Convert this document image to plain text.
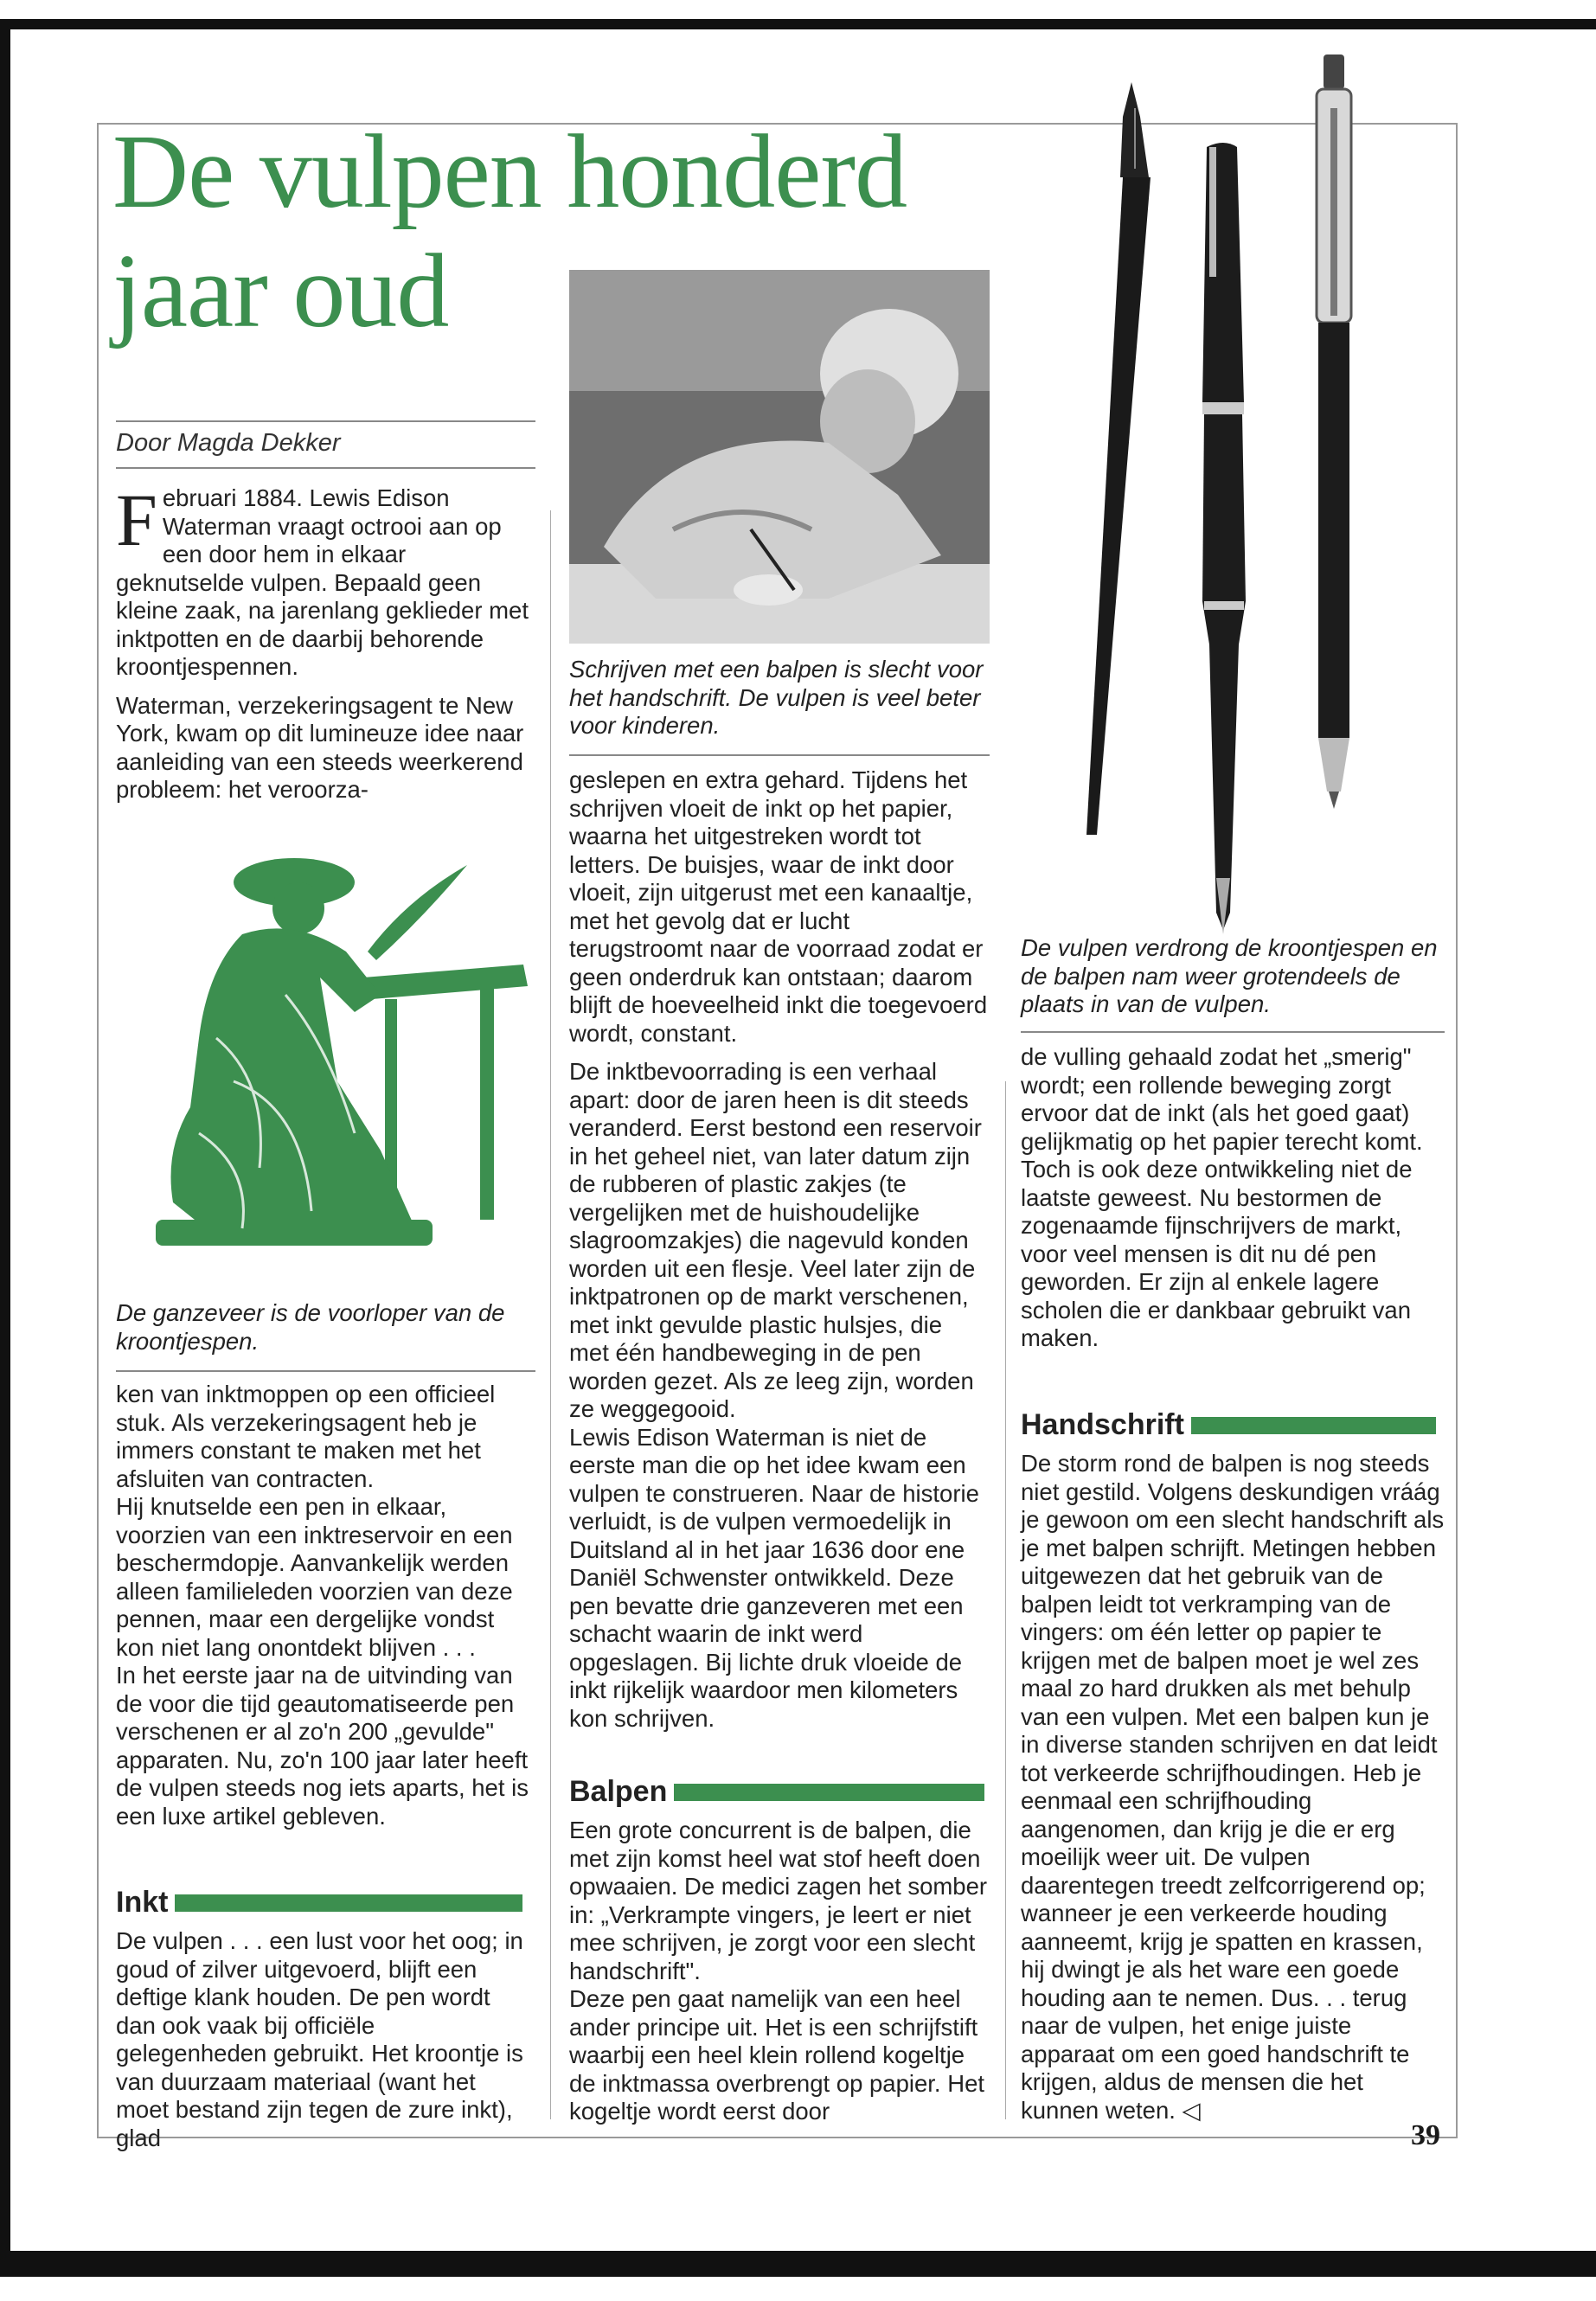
De vulpen honderd jaar oud
Door Magda Dekker

Februari 1884. Lewis Edison Waterman vraagt octrooi aan op een door hem in elkaar geknutselde vulpen. Bepaald geen kleine zaak, na jarenlang geklieder met inktpotten en de daarbij behorende kroontjespennen.

Waterman, verzekeringsagent te New York, kwam op dit lumineuze idee naar aanleiding van een steeds weerkerend probleem: het veroorza-

De ganzeveer is de voorloper van de kroontjespen.

ken van inktmoppen op een officieel stuk. Als verzekeringsagent heb je immers constant te maken met het afsluiten van contracten.

Hij knutselde een pen in elkaar, voorzien van een inktreservoir en een beschermdopje. Aanvankelijk werden alleen familieleden voorzien van deze pennen, maar een dergelijke vondst kon niet lang onontdekt blijven . . .

In het eerste jaar na de uitvinding van de voor die tijd geautomatiseerde pen verschenen er al zo'n 200 „gevulde" apparaten. Nu, zo'n 100 jaar later heeft de vulpen steeds nog iets aparts, het is een luxe artikel gebleven.

Inkt
De vulpen . . . een lust voor het oog; in goud of zilver uitgevoerd, blijft een deftige klank houden. De pen wordt dan ook vaak bij officiële gelegenheden gebruikt. Het kroontje is van duurzaam materiaal (want het moet bestand zijn tegen de zure inkt), glad
Schrijven met een balpen is slecht voor het handschrift. De vulpen is veel beter voor kinderen.

geslepen en extra gehard. Tijdens het schrijven vloeit de inkt op het papier, waarna het uitgestreken wordt tot letters. De buisjes, waar de inkt door vloeit, zijn uitgerust met een kanaaltje, met het gevolg dat er lucht terugstroomt naar de voorraad zodat er geen onderdruk kan ontstaan; daarom blijft de hoeveelheid inkt die toegevoerd wordt, constant.

De inktbevoorrading is een verhaal apart: door de jaren heen is dit steeds veranderd. Eerst bestond een reservoir in het geheel niet, van later datum zijn de rubberen of plastic zakjes (te vergelijken met de huishoudelijke slagroomzakjes) die nagevuld konden worden uit een flesje. Veel later zijn de inktpatronen op de markt verschenen, met inkt gevulde plastic hulsjes, die met één handbeweging in de pen worden gezet. Als ze leeg zijn, worden ze weggegooid.

Lewis Edison Waterman is niet de eerste man die op het idee kwam een vulpen te construeren. Naar de historie verluidt, is de vulpen vermoedelijk in Duitsland al in het jaar 1636 door ene Daniël Schwenster ontwikkeld. Deze pen bevatte drie ganzeveren met een schacht waarin de inkt werd opgeslagen. Bij lichte druk vloeide de inkt rijkelijk waardoor men kilometers kon schrijven.

Balpen

Een grote concurrent is de balpen, die met zijn komst heel wat stof heeft doen opwaaien. De medici zagen het somber in: „Verkrampte vingers, je leert er niet mee schrijven, je zorgt voor een slecht handschrift".

Deze pen gaat namelijk van een heel ander principe uit. Het is een schrijfstift waarbij een heel klein rollend kogeltje de inktmassa overbrengt op papier. Het kogeltje wordt eerst door

De vulpen verdrong de kroontjespen en de balpen nam weer grotendeels de plaats in van de vulpen.

de vulling gehaald zodat het „smerig" wordt; een rollende beweging zorgt ervoor dat de inkt (als het goed gaat) gelijkmatig op het papier terecht komt.

Toch is ook deze ontwikkeling niet de laatste geweest. Nu bestormen de zogenaamde fijnschrijvers de markt, voor veel mensen is dit nu dé pen geworden. Er zijn al enkele lagere scholen die er dankbaar gebruikt van maken.

Handschrift
De storm rond de balpen is nog steeds niet gestild. Volgens deskundigen vráág je gewoon om een slecht handschrift als je met balpen schrijft. Metingen hebben uitgewezen dat het gebruik van de balpen leidt tot verkramping van de vingers: om één letter op papier te krijgen met de balpen moet je wel zes maal zo hard drukken als met behulp van een vulpen. Met een balpen kun je in diverse standen schrijven en dat leidt tot verkeerde schrijfhoudingen. Heb je eenmaal een schrijfhouding aangenomen, dan krijg je die er erg moeilijk weer uit. De vulpen daarentegen treedt zelfcorrigerend op; wanneer je een verkeerde houding aanneemt, krijg je spatten en krassen, hij dwingt je als het ware een goede houding aan te nemen. Dus. . . terug naar de vulpen, het enige juiste apparaat om een goed handschrift te krijgen, aldus de mensen die het kunnen weten. ◁
39
